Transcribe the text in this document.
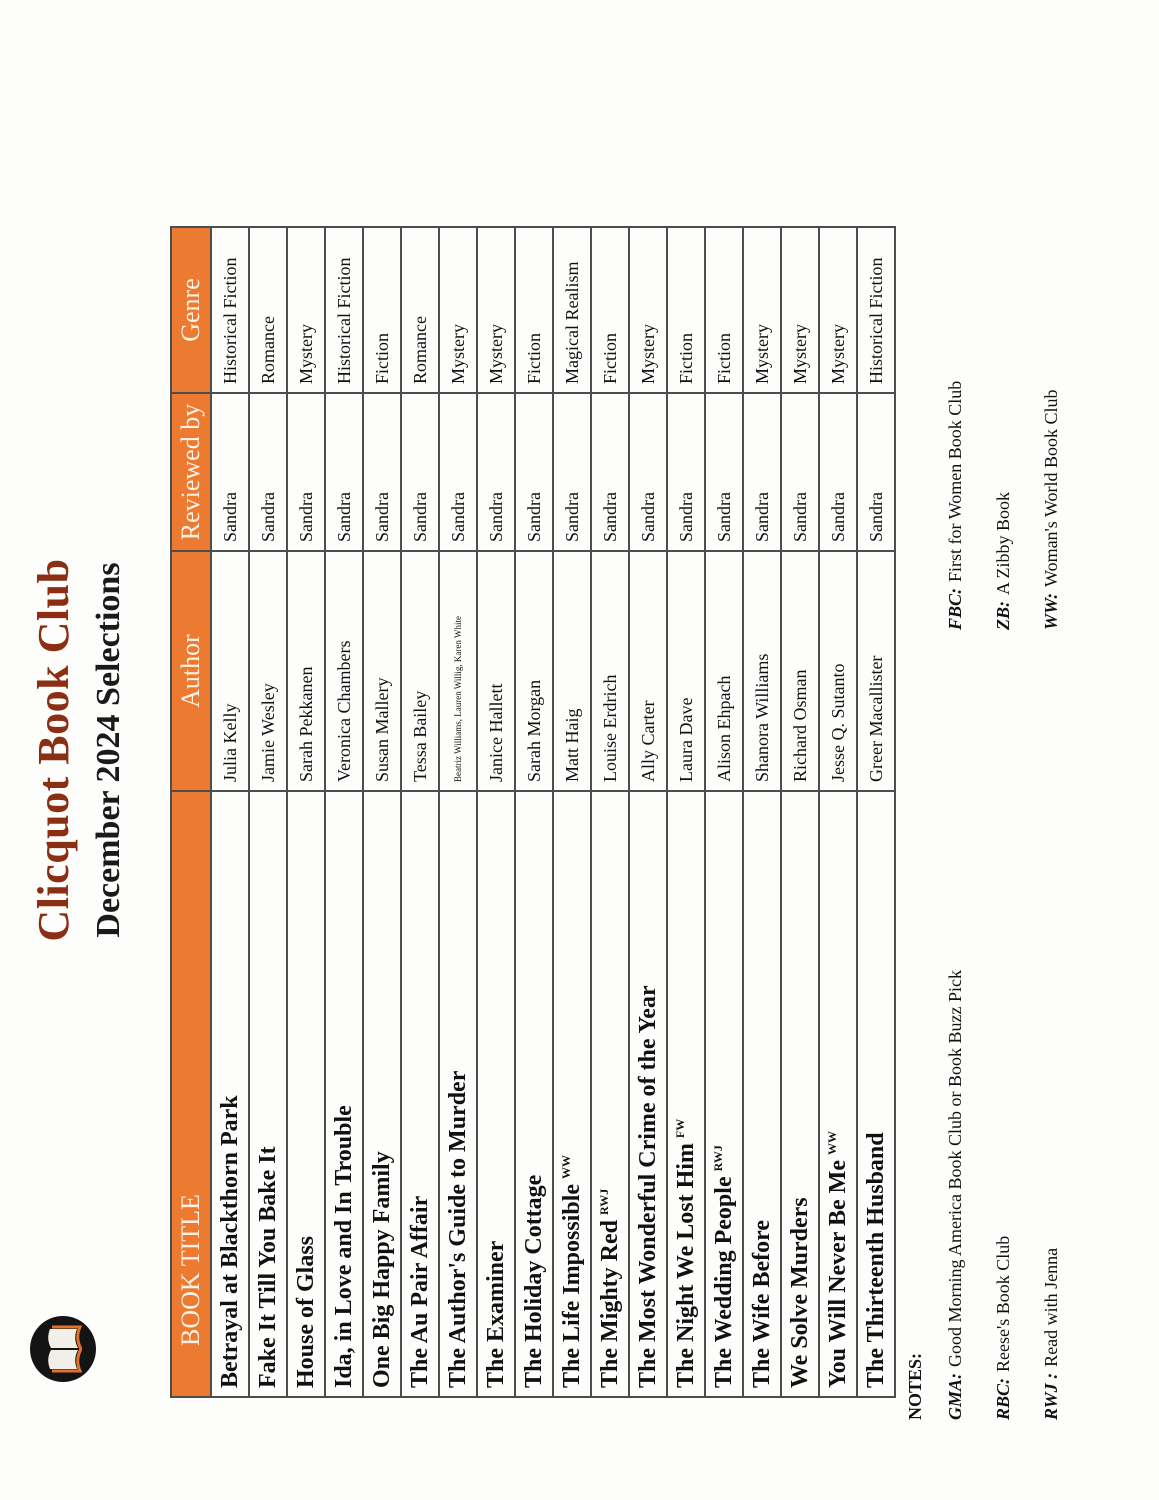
Clicquot Book Club December 2024 Selections
BOOK TITLE	Author	Reviewed by	Genre
Betrayal at Blackthorn Park	Julia Kelly	Sandra	Historical Fiction
Fake It Till You Bake It	Jamie Wesley	Sandra	Romance
House of Glass	Sarah Pekkanen	Sandra	Mystery
Ida, in Love and In Trouble	Veronica Chambers	Sandra	Historical Fiction
One Big Happy Family	Susan Mallery	Sandra	Fiction
The Au Pair Affair	Tessa Bailey	Sandra	Romance
The Author's Guide to Murder	Beatriz Williams, Lauren Willig, Karen White	Sandra	Mystery
The Examiner	Janice Hallett	Sandra	Mystery
The Holiday Cottage	Sarah Morgan	Sandra	Fiction
The Life Impossible$^{WW}$	Matt Haig	Sandra	Magical Realism
The Mighty Red$^{RWJ}$	Louise Erdrich	Sandra	Fiction
The Most Wonderful Crime of the Year	Ally Carter	Sandra	Mystery
The Night We Lost Him$^{FW}$	Laura Dave	Sandra	Fiction
The Wedding People$^{RWJ}$	Alison Ehpach	Sandra	Fiction
The Wife Before	Shanora Williams	Sandra	Mystery
We Solve Murders	Richard Osman	Sandra	Mystery
You Will Never Be $Me^{WW}$	Jesse Q. Sutanto	Sandra	Mystery
The Thirteenth Husband	Greer Macallister	Sandra	Historical Fiction
NOTES: GMA:Good Morning America Book Club or Book Buzz Pick
RBC:Reese's Book Club
RWJ :Read with Jenna
FBC:First for Women Book Club
ZB:A Zibby Book
WW:Woman's World Book Club
